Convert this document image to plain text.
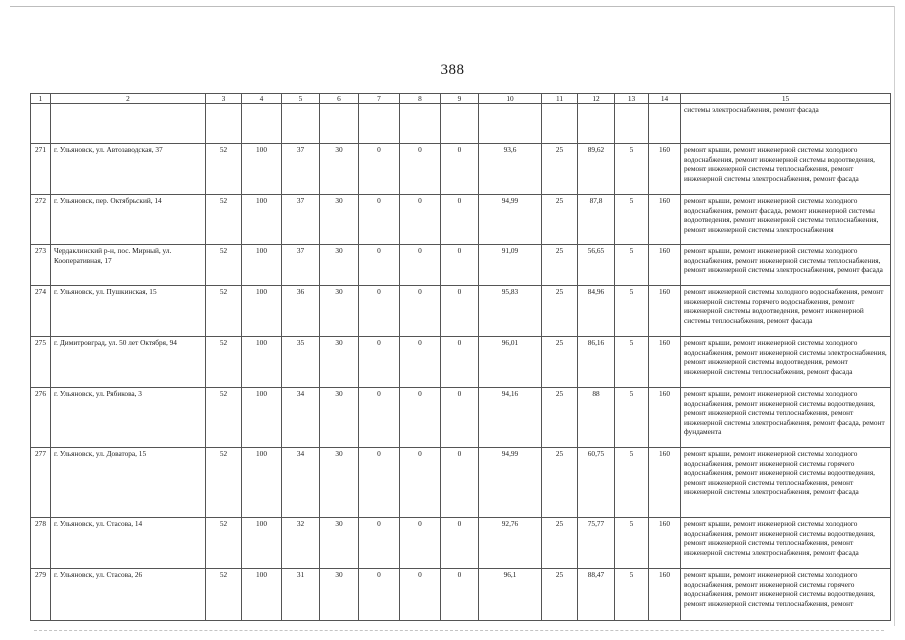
388
1	2	3	4	5	6	7	8	9	10	11	12	13	14	15
														системы электроснабжения, ремонт фасада
271	г. Ульяновск, ул. Автозаводская, 37	52	100	37	30	0	0	0	93,6	25	89,62	5	160	ремонт крыши, ремонт инженерной системы холодного водоснабжения, ремонт инженерной системы водоотведения, ремонт инженерной системы теплоснабжения, ремонт инженерной системы электроснабжения, ремонт фасада
272	г. Ульяновск, пер. Октябрьский, 14	52	100	37	30	0	0	0	94,99	25	87,8	5	160	ремонт крыши, ремонт инженерной системы холодного водоснабжения, ремонт фасада, ремонт инженерной системы водоотведения, ремонт инженерной системы теплоснабжения, ремонт инженерной системы электроснабжения
273	Чердаклинский р-н, пос. Мирный, ул. Кооперативная, 17	52	100	37	30	0	0	0	91,09	25	56,65	5	160	ремонт крыши, ремонт инженерной системы холодного водоснабжения, ремонт инженерной системы теплоснабжения, ремонт инженерной системы электроснабжения, ремонт фасада
274	г. Ульяновск, ул. Пушкинская, 15	52	100	36	30	0	0	0	95,83	25	84,96	5	160	ремонт инженерной системы холодного водоснабжения, ремонт инженерной системы горячего водоснабжения, ремонт инженерной системы водоотведения, ремонт инженерной системы теплоснабжения, ремонт фасада
275	г. Димитровград, ул. 50 лет Октября, 94	52	100	35	30	0	0	0	96,01	25	86,16	5	160	ремонт крыши, ремонт инженерной системы холодного водоснабжения, ремонт инженерной системы электроснабжения, ремонт инженерной системы водоотведения, ремонт инженерной системы теплоснабжения, ремонт фасада
276	г. Ульяновск, ул. Рябикова, 3	52	100	34	30	0	0	0	94,16	25	88	5	160	ремонт крыши, ремонт инженерной системы холодного водоснабжения, ремонт инженерной системы водоотведения, ремонт инженерной системы теплоснабжения, ремонт инженерной системы электроснабжения, ремонт фасада, ремонт фундамента
277	г. Ульяновск, ул. Доватора, 15	52	100	34	30	0	0	0	94,99	25	60,75	5	160	ремонт крыши, ремонт инженерной системы холодного водоснабжения, ремонт инженерной системы горячего водоснабжения, ремонт инженерной системы водоотведения, ремонт инженерной системы теплоснабжения, ремонт инженерной системы электроснабжения, ремонт фасада
278	г. Ульяновск, ул. Стасова, 14	52	100	32	30	0	0	0	92,76	25	75,77	5	160	ремонт крыши, ремонт инженерной системы холодного водоснабжения, ремонт инженерной системы водоотведения, ремонт инженерной системы теплоснабжения, ремонт инженерной системы электроснабжения, ремонт фасада
279	г. Ульяновск, ул. Стасова, 26	52	100	31	30	0	0	0	96,1	25	88,47	5	160	ремонт крыши, ремонт инженерной системы холодного водоснабжения, ремонт инженерной системы горячего водоснабжения, ремонт инженерной системы водоотведения, ремонт инженерной системы теплоснабжения, ремонт
